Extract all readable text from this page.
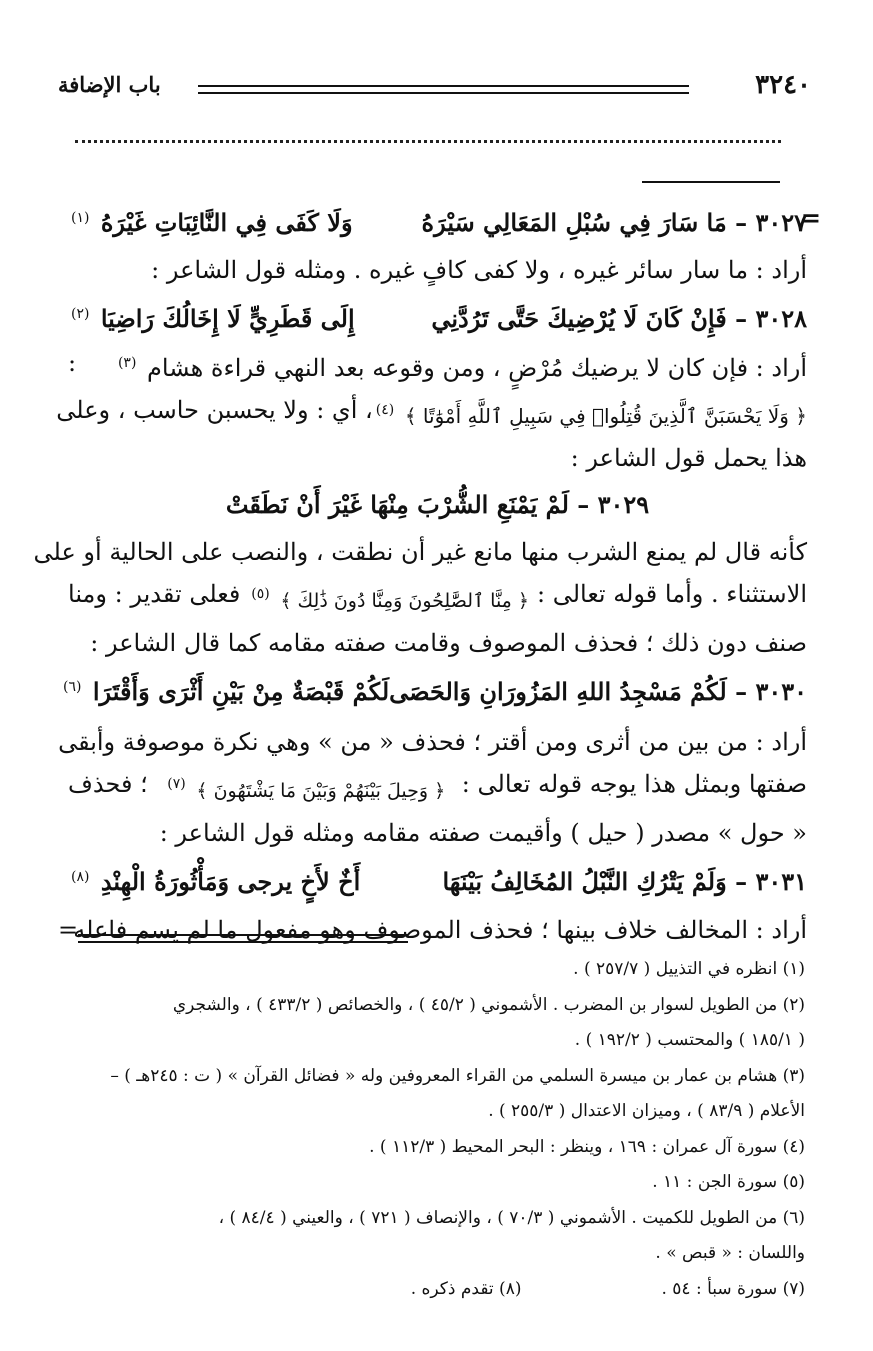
٣٢٤٠
باب الإضافة
=
٣٠٢٧ – مَا سَارَ فِي سُبْلِ المَعَالِي سَيْرَهُ
وَلَا كَفَى فِي النَّائِبَاتِ غَيْرَهُ $^{(١)}$
أراد : ما سار سائر غيره ، ولا كفى كافٍ غيره . ومثله قول الشاعر :
٣٠٢٨ – فَإِنْ كَانَ لَا يُرْضِيكَ حَتَّى تَرُدَّنِي
إِلَى قَطَرِيٍّ لَا إِخَالُكَ رَاضِيَا $^{(٢)}$
أراد : فإن كان لا يرضيك مُرْضٍ ، ومن وقوعه بعد النهي قراءة هشام $^{(٣)}$
:
﴿ وَلَا يَحْسَبَنَّ ٱلَّذِينَ قُتِلُوا۟ فِي سَبِيلِ ٱللَّهِ أَمْوَٰتًا ﴾ $^{(٤)}$
، أي : ولا يحسبن حاسب ، وعلى
هذا يحمل قول الشاعر :
٣٠٢٩ – لَمْ يَمْنَعِ الشُّرْبَ مِنْهَا غَيْرَ أَنْ نَطَقَتْ
كأنه قال لم يمنع الشرب منها مانع غير أن نطقت ، والنصب على الحالية أو على
الاستثناء . وأما قوله تعالى :
﴿ مِنَّا ٱلصَّٰلِحُونَ وَمِنَّا دُونَ ذَٰلِكَ ﴾ $^{(٥)}$
فعلى تقدير : ومنا
صنف دون ذلك ؛ فحذف الموصوف وقامت صفته مقامه كما قال الشاعر :
٣٠٣٠ – لَكُمْ مَسْجِدُ اللهِ المَزُورَانِ وَالحَصَى
لَكُمْ قَبْصَةٌ مِنْ بَيْنِ أَثْرَى وَأَقْتَرَا $^{(٦)}$
أراد : من بين من أثرى ومن أقتر ؛ فحذف « من » وهي نكرة موصوفة وأبقى
صفتها وبمثل هذا يوجه قوله تعالى :
﴿ وَحِيلَ بَيْنَهُمْ وَبَيْنَ مَا يَشْتَهُونَ ﴾ $^{(٧)}$
؛ فحذف
« حول » مصدر ( حيل ) وأقيمت صفته مقامه ومثله قول الشاعر :
٣٠٣١ – وَلَمْ يَتْرُكِ النَّبْلُ المُخَالِفُ بَيْنَهَا
أَخٌ لأَخٍ يرجى وَمَأْثُورَةُ الْهِنْدِ $^{(٨)}$
أراد : المخالف خلاف بينها ؛ فحذف الموصوف وهو مفعول ما لم يسم فاعله
=
(١) انظره في التذييل ( ٢٥٧/٧ ) .
(٢) من الطويل لسوار بن المضرب . الأشموني ( ٤٥/٢ ) ، والخصائص ( ٤٣٣/٢ ) ، والشجري
( ١٨٥/١ ) والمحتسب ( ١٩٢/٢ ) .
(٣) هشام بن عمار بن ميسرة السلمي من القراء المعروفين وله « فضائل القرآن » ( ت : ٢٤٥هـ ) –
الأعلام ( ٨٣/٩ ) ، وميزان الاعتدال ( ٢٥٥/٣ ) .
(٤) سورة آل عمران : ١٦٩ ، وينظر : البحر المحيط ( ١١٢/٣ ) .
(٥) سورة الجن : ١١ .
(٦) من الطويل للكميت . الأشموني ( ٧٠/٣ ) ، والإنصاف ( ٧٢١ ) ، والعيني ( ٨٤/٤ ) ،
واللسان : « قبص » .
(٧) سورة سبأ : ٥٤ .
(٨) تقدم ذكره .
